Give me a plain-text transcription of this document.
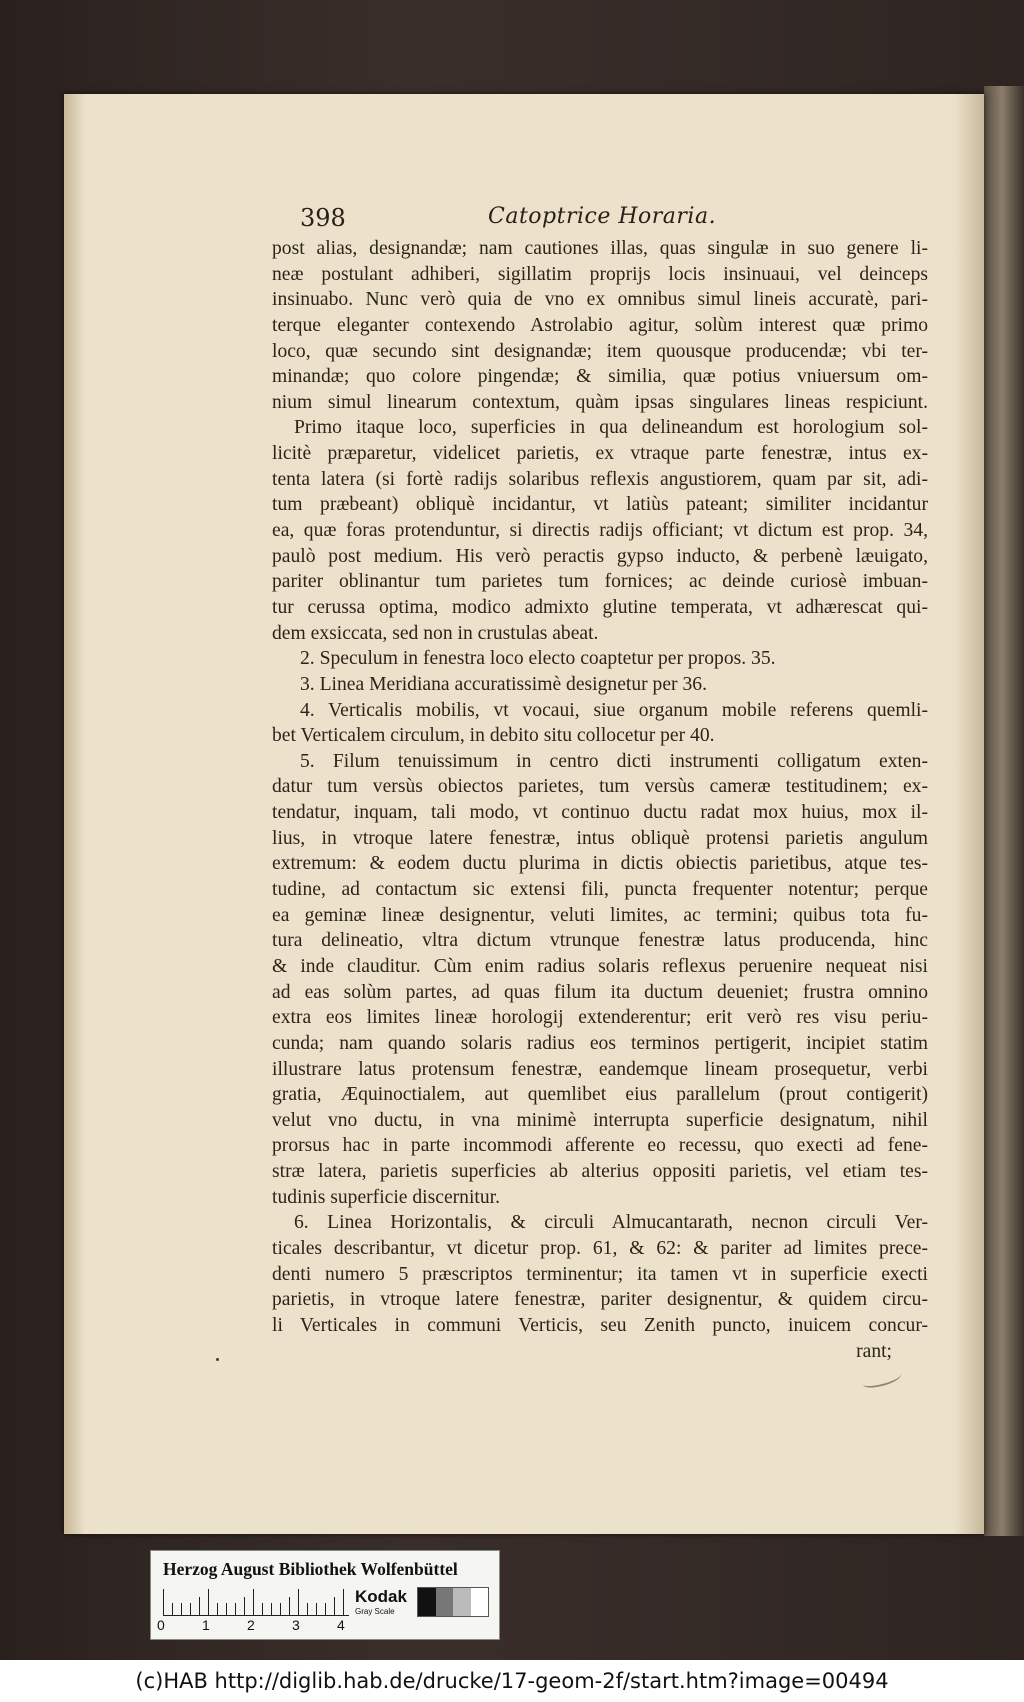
398	Catoptrice Horaria.
post alias, designandæ; nam cautiones illas, quas singulæ in suo genere li-
neæ postulant adhiberi, sigillatim proprijs locis insinuaui, vel deinceps
insinuabo. Nunc verò quia de vno ex omnibus simul lineis accuratè, pari-
terque eleganter contexendo Astrolabio agitur, solùm interest quæ primo
loco, quæ secundo sint designandæ; item quousque producendæ; vbi ter-
minandæ; quo colore pingendæ; & similia, quæ potius vniuersum om-
nium simul linearum contextum, quàm ipsas singulares lineas respiciunt.
Primo itaque loco, superficies in qua delineandum est horologium sol-
licitè præparetur, videlicet parietis, ex vtraque parte fenestræ, intus ex-
tenta latera (si fortè radijs solaribus reflexis angustiorem, quam par sit, adi-
tum præbeant) obliquè incidantur, vt latiùs pateant; similiter incidantur
ea, quæ foras protenduntur, si directis radijs officiant; vt dictum est prop. 34,
paulò post medium. His verò peractis gypso inducto, & perbenè læuigato,
pariter oblinantur tum parietes tum fornices; ac deinde curiosè imbuan-
tur cerussa optima, modico admixto glutine temperata, vt adhærescat qui-
dem exsiccata, sed non in crustulas abeat.
2. Speculum in fenestra loco electo coaptetur per propos. 35.
3. Linea Meridiana accuratissimè designetur per 36.
4. Verticalis mobilis, vt vocaui, siue organum mobile referens quemli-
bet Verticalem circulum, in debito situ collocetur per 40.
5. Filum tenuissimum in centro dicti instrumenti colligatum exten-
datur tum versùs obiectos parietes, tum versùs cameræ testitudinem; ex-
tendatur, inquam, tali modo, vt continuo ductu radat mox huius, mox il-
lius, in vtroque latere fenestræ, intus obliquè protensi parietis angulum
extremum: & eodem ductu plurima in dictis obiectis parietibus, atque tes-
tudine, ad contactum sic extensi fili, puncta frequenter notentur; perque
ea geminæ lineæ designentur, veluti limites, ac termini; quibus tota fu-
tura delineatio, vltra dictum vtrunque fenestræ latus producenda, hinc
& inde clauditur. Cùm enim radius solaris reflexus peruenire nequeat nisi
ad eas solùm partes, ad quas filum ita ductum deueniet; frustra omnino
extra eos limites lineæ horologij extenderentur; erit verò res visu periu-
cunda; nam quando solaris radius eos terminos pertigerit, incipiet statim
illustrare latus protensum fenestræ, eandemque lineam prosequetur, verbi
gratia, Æquinoctialem, aut quemlibet eius parallelum (prout contigerit)
velut vno ductu, in vna minimè interrupta superficie designatum, nihil
prorsus hac in parte incommodi afferente eo recessu, quo execti ad fene-
stræ latera, parietis superficies ab alterius oppositi parietis, vel etiam tes-
tudinis superficie discernitur.
6. Linea Horizontalis, & circuli Almucantarath, necnon circuli Ver-
ticales describantur, vt dicetur prop. 61, & 62: & pariter ad limites prece-
denti numero 5 præscriptos terminentur; ita tamen vt in superficie execti
parietis, in vtroque latere fenestræ, pariter designentur, & quidem circu-
li Verticales in communi Verticis, seu Zenith puncto, inuicem concur-
rant;
Herzog August Bibliothek Wolfenbüttel
0	1	2	3	4
Kodak
Gray Scale
(c)HAB http://diglib.hab.de/drucke/17-geom-2f/start.htm?image=00494
